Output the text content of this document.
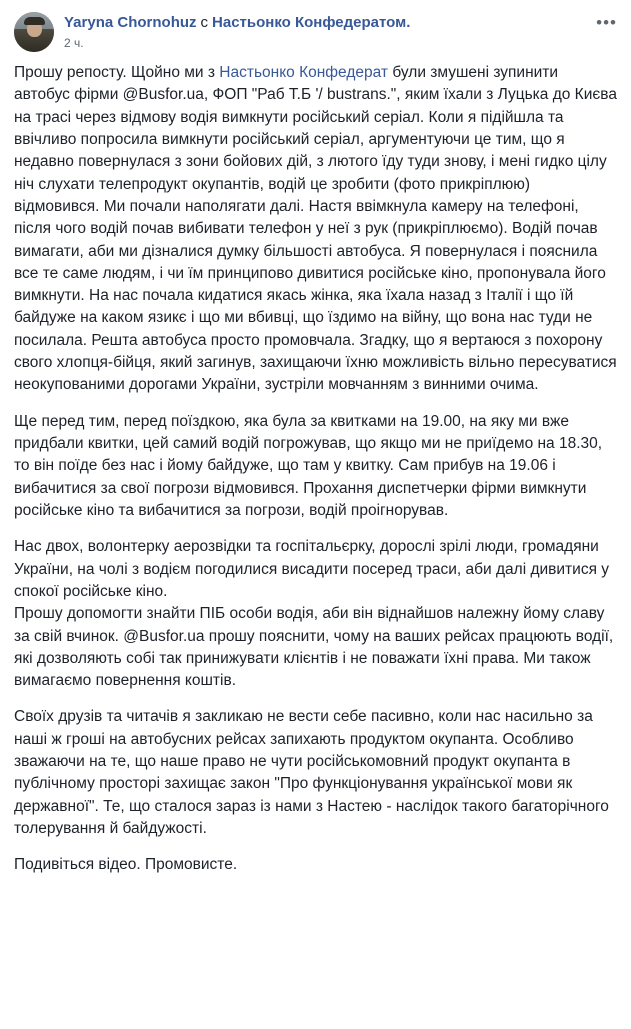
Yaryna Chornohuz с Настьонко Конфедератом.
2 ч.
•••

Прошу репосту. Щойно ми з Настьонко Конфедерат були змушені зупинити автобус фірми @Busfor.ua, ФОП "Раб Т.Б '/ bustrans.", яким їхали з Луцька до Києва на трасі через відмову водія вимкнути російський серіал. Коли я підійшла та ввічливо попросила вимкнути російський серіал, аргументуючи це тим, що я недавно повернулася з зони бойових дій, з лютого їду туди знову, і мені гидко цілу ніч слухати телепродукт окупантів, водій це зробити (фото прикріплюю) відмовився. Ми почали наполягати далі. Настя ввімкнула камеру на телефоні, після чого водій почав вибивати телефон у неї з рук (прикріплюємо). Водій почав вимагати, аби ми дізналися думку більшості автобуса. Я повернулася і пояснила все те саме людям, і чи їм принципово дивитися російське кіно, пропонувала його вимкнути. На нас почала кидатися якась жінка, яка їхала назад з Італії і що їй байдуже на каком язикє і що ми вбивці, що їздимо на війну, що вона нас туди не посилала. Решта автобуса просто промовчала. Згадку, що я вертаюся з похорону свого хлопця-бійця, який загинув, захищаючи їхню можливість вільно пересуватися неокупованими дорогами України, зустріли мовчанням з винними очима.

Ще перед тим, перед поїздкою, яка була за квитками на 19.00, на яку ми вже придбали квитки, цей самий водій погрожував, що якщо ми не приїдемо на 18.30, то він поїде без нас і йому байдуже, що там у квитку. Сам прибув на 19.06 і вибачитися за свої погрози відмовився. Прохання диспетчерки фірми вимкнути російське кіно та вибачитися за погрози, водій проігнорував.

Нас двох, волонтерку аерозвідки та госпітальєрку, дорослі зрілі люди, громадяни України, на чолі з водієм погодилися висадити посеред траси, аби далі дивитися у спокої російське кіно.

Прошу допомогти знайти ПІБ особи водія, аби він віднайшов належну йому славу за свій вчинок. @Busfor.ua прошу пояснити, чому на ваших рейсах працюють водії, які дозволяють собі так принижувати клієнтів і не поважати їхні права. Ми також вимагаємо повернення коштів.

Своїх друзів та читачів я закликаю не вести себе пасивно, коли нас насильно за наші ж гроші на автобусних рейсах запихають продуктом окупанта. Особливо зважаючи на те, що наше право не чути російськомовний продукт окупанта в публічному просторі захищає закон "Про функціонування української мови як державної". Те, що сталося зараз із нами з Настею - наслідок такого багаторічного толерування й байдужості.

Подивіться відео. Промовисте.
